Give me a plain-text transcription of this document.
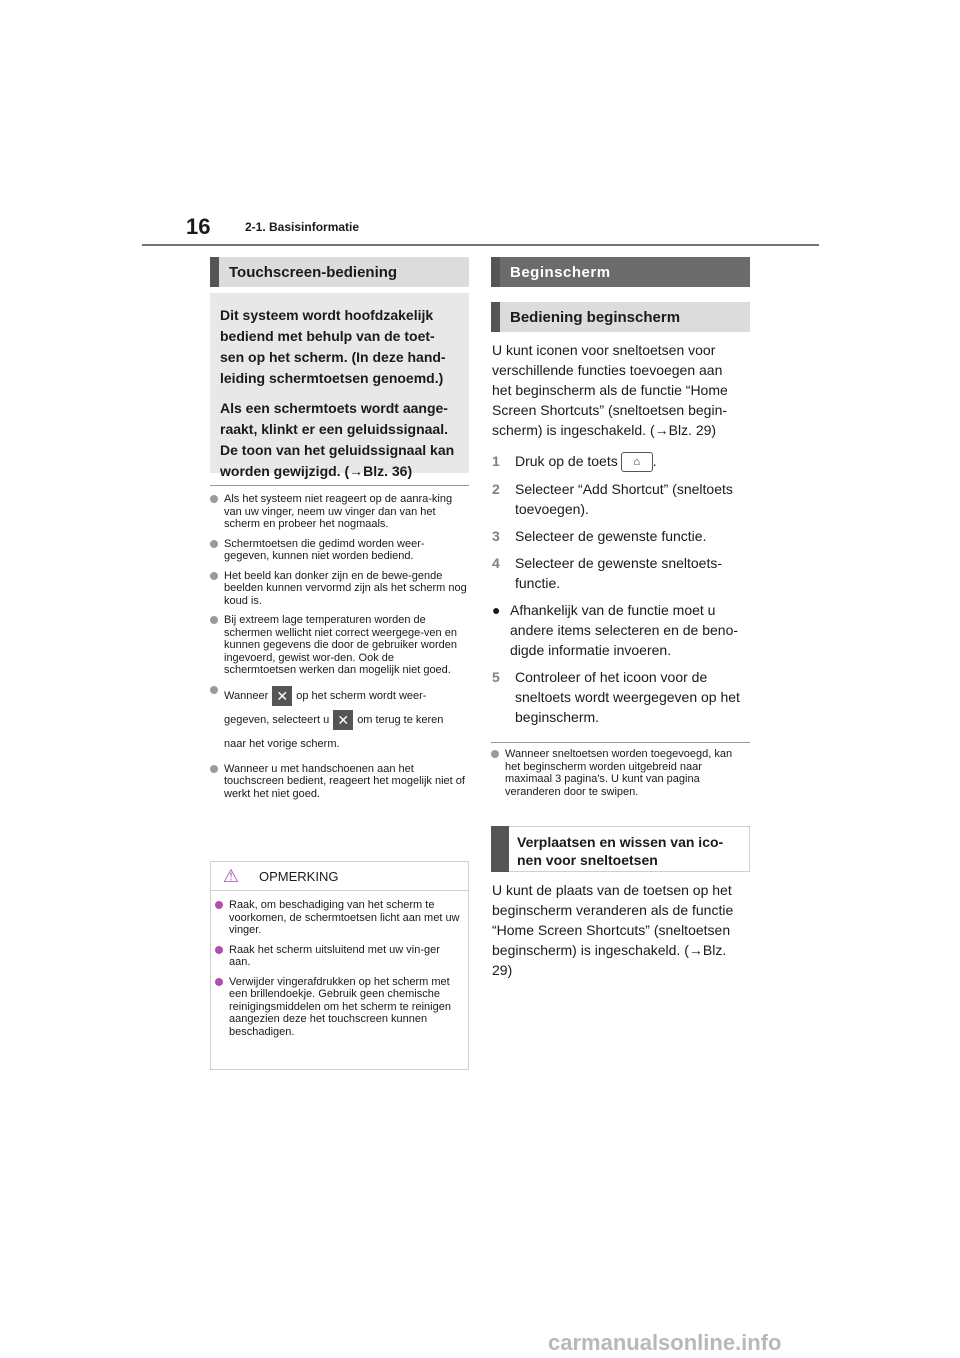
16	2-1. Basisinformatie
Touchscreen-bediening

Dit systeem wordt hoofdzakelijk bediend met behulp van de toet-sen op het scherm. (In deze hand-leiding schermtoetsen genoemd.)

Als een schermtoets wordt aange-raakt, klinkt er een geluidssignaal. De toon van het geluidssignaal kan worden gewijzigd. (→Blz. 36)

Als het systeem niet reageert op de aanra-king van uw vinger, neem uw vinger dan van het scherm en probeer het nogmaals.
Schermtoetsen die gedimd worden weer-gegeven, kunnen niet worden bediend.
Het beeld kan donker zijn en de bewe-gende beelden kunnen vervormd zijn als het scherm nog koud is.
Bij extreem lage temperaturen worden de schermen wellicht niet correct weergege-ven en kunnen gegevens die door de gebruiker worden ingevoerd, gewist wor-den. Ook de schermtoetsen werken dan mogelijk niet goed.
Wanneer ✕ op het scherm wordt weer-gegeven, selecteert u ✕ om terug te keren naar het vorige scherm.
Wanneer u met handschoenen aan het touchscreen bedient, reageert het mogelijk niet of werkt het niet goed.
⚠	OPMERKING
Raak, om beschadiging van het scherm te voorkomen, de schermtoetsen licht aan met uw vinger.
Raak het scherm uitsluitend met uw vin-ger aan.
Verwijder vingerafdrukken op het scherm met een brillendoekje. Gebruik geen chemische reinigingsmiddelen om het scherm te reinigen aangezien deze het touchscreen kunnen beschadigen.
Beginscherm
Bediening beginscherm

U kunt iconen voor sneltoetsen voor verschillende functies toevoegen aan het beginscherm als de functie “Home Screen Shortcuts” (sneltoetsen begin-scherm) is ingeschakeld. (→Blz. 29)

1 Druk op de toets ⌂ .
2 Selecteer “Add Shortcut” (sneltoets toevoegen).
3 Selecteer de gewenste functie.
4 Selecteer de gewenste sneltoets-functie.
● Afhankelijk van de functie moet u andere items selecteren en de beno-digde informatie invoeren.
5 Controleer of het icoon voor de sneltoets wordt weergegeven op het beginscherm.
Wanneer sneltoetsen worden toegevoegd, kan het beginscherm worden uitgebreid naar maximaal 3 pagina's. U kunt van pagina veranderen door te swipen.
Verplaatsen en wissen van ico-nen voor sneltoetsen

U kunt de plaats van de toetsen op het beginscherm veranderen als de functie “Home Screen Shortcuts” (sneltoetsen beginscherm) is ingeschakeld. (→Blz. 29)

carmanualsonline.info
